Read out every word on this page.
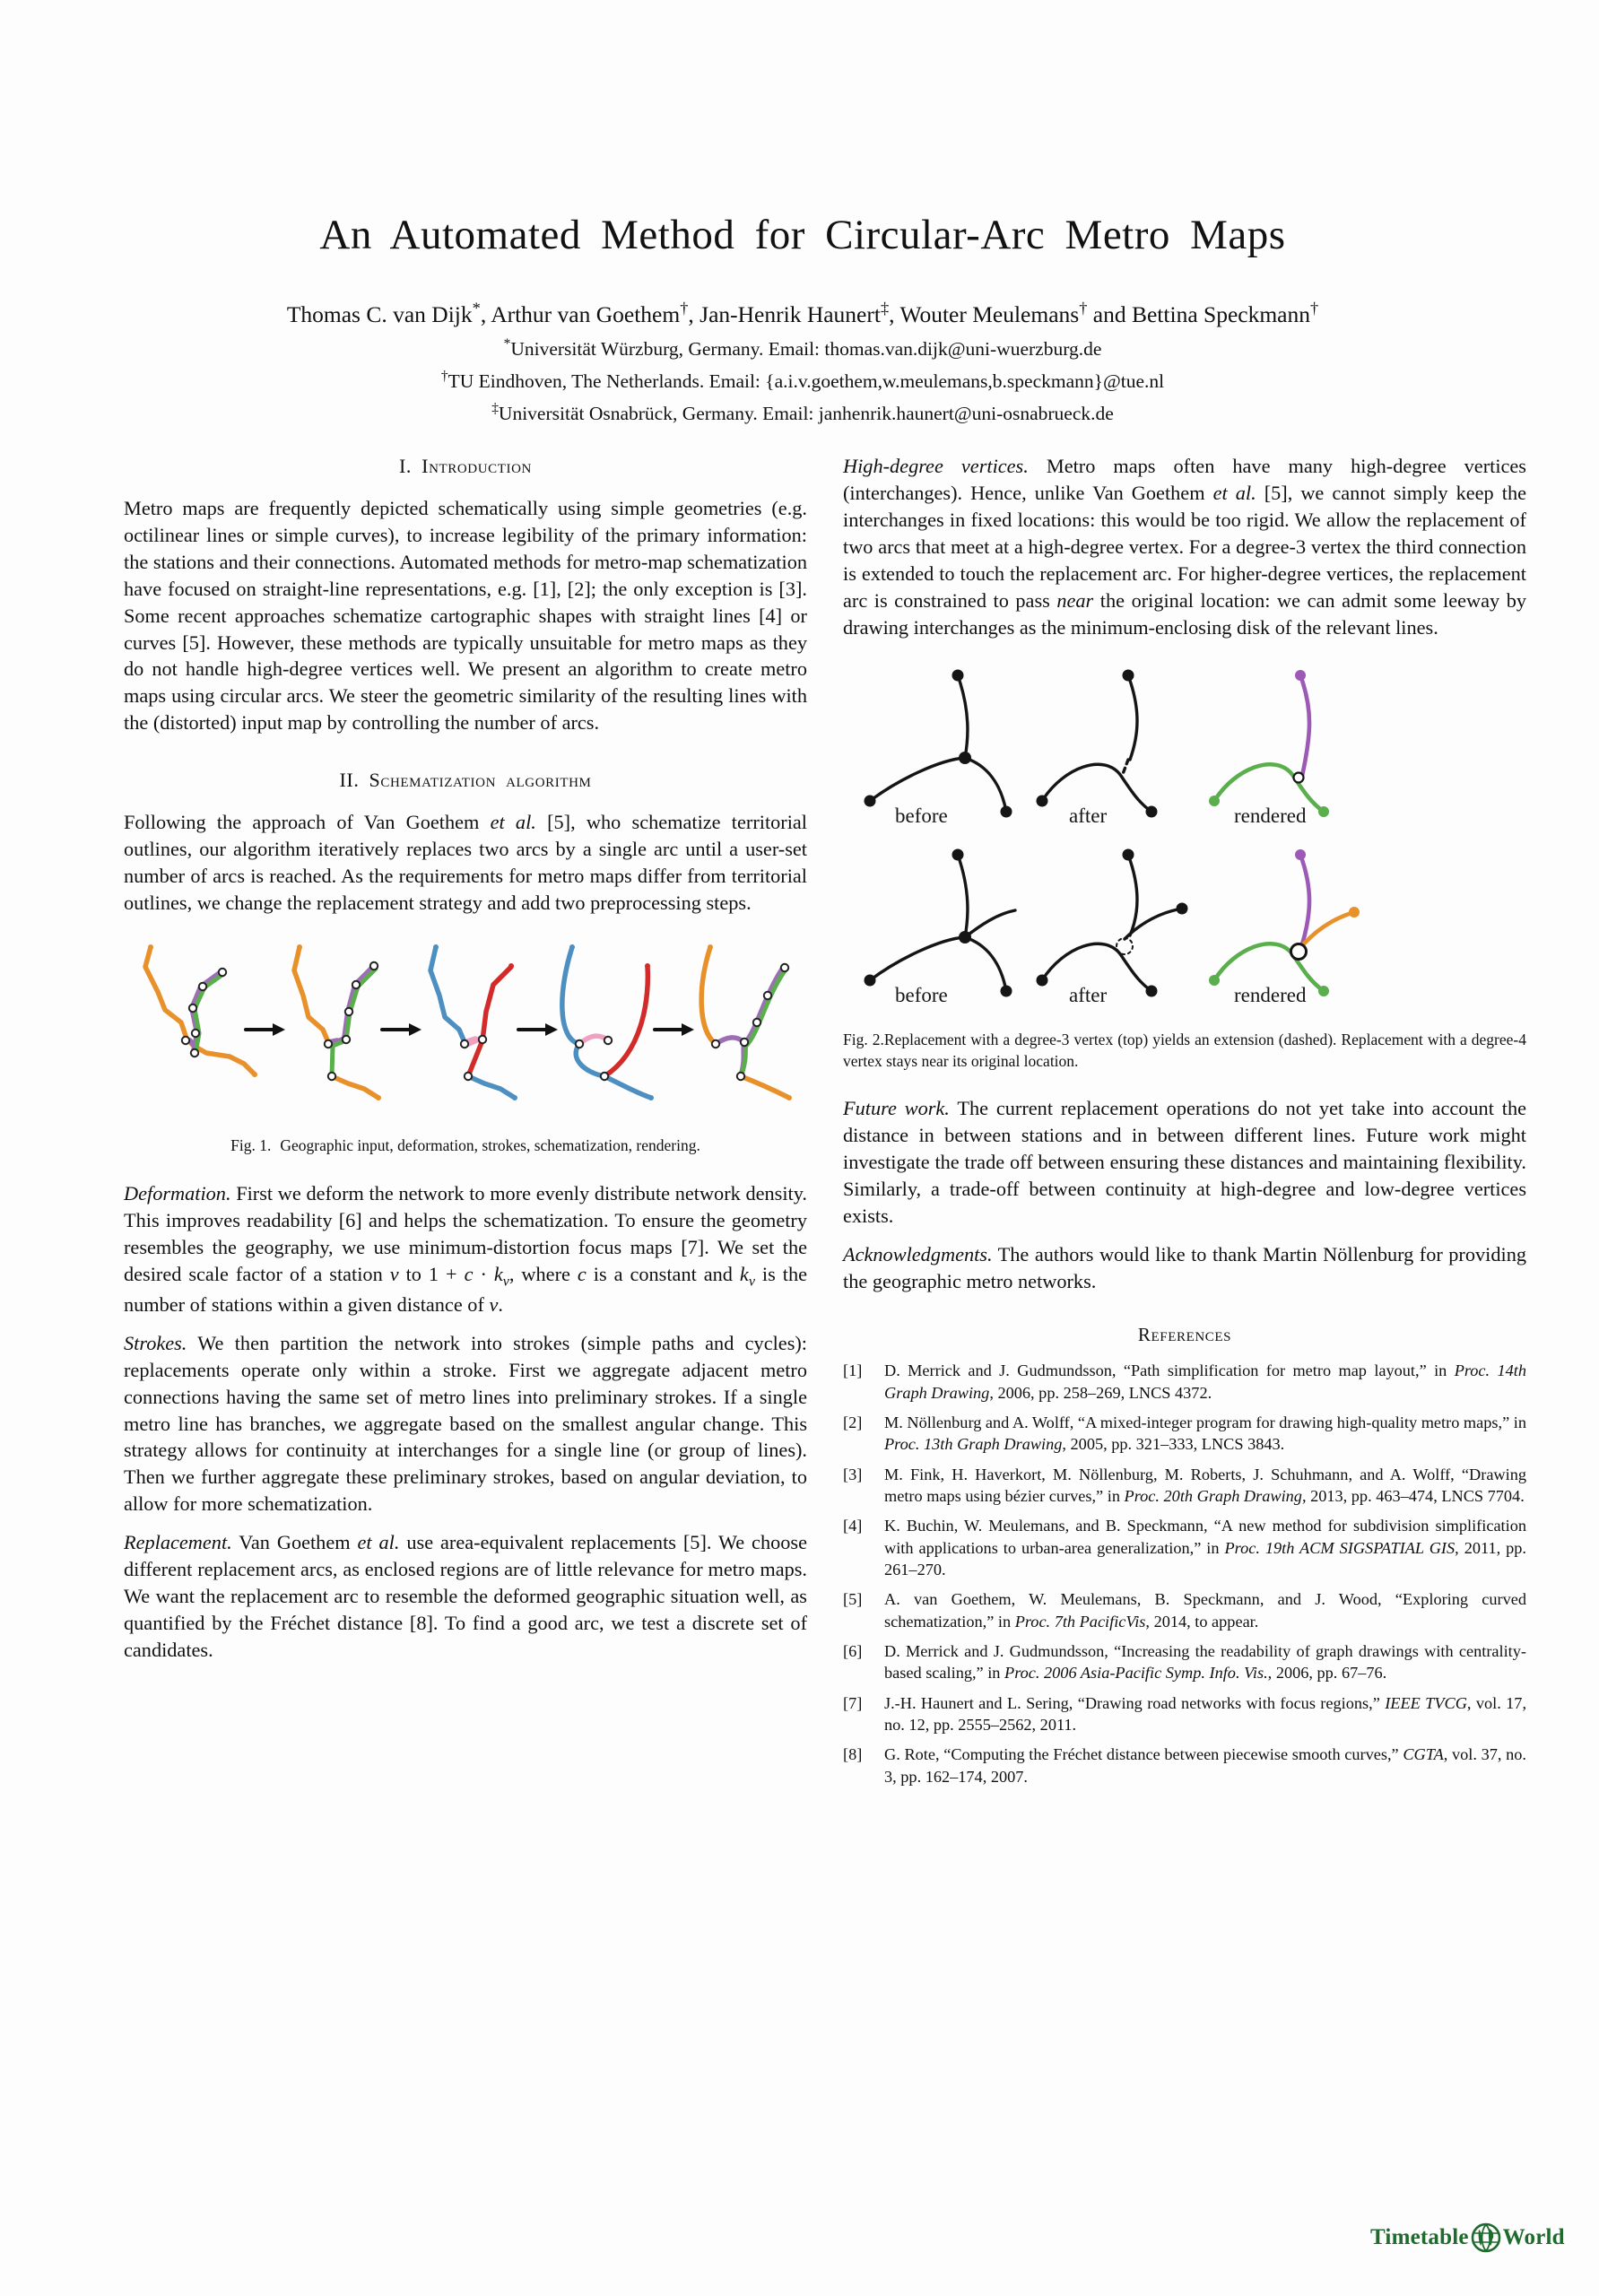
An Automated Method for Circular-Arc Metro Maps
Thomas C. van Dijk*, Arthur van Goethem†, Jan-Henrik Haunert‡, Wouter Meulemans† and Bettina Speckmann†
*Universität Würzburg, Germany. Email: thomas.van.dijk@uni-wuerzburg.de
†TU Eindhoven, The Netherlands. Email: {a.i.v.goethem,w.meulemans,b.speckmann}@tue.nl
‡Universität Osnabrück, Germany. Email: janhenrik.haunert@uni-osnabrueck.de
I. Introduction

Metro maps are frequently depicted schematically using simple geometries (e.g. octilinear lines or simple curves), to increase legibility of the primary information: the stations and their connections. Automated methods for metro-map schematization have focused on straight-line representations, e.g. [1], [2]; the only exception is [3]. Some recent approaches schematize cartographic shapes with straight lines [4] or curves [5]. However, these methods are typically unsuitable for metro maps as they do not handle high-degree vertices well. We present an algorithm to create metro maps using circular arcs. We steer the geometric similarity of the resulting lines with the (distorted) input map by controlling the number of arcs.

II. Schematization algorithm

Following the approach of Van Goethem et al. [5], who schematize territorial outlines, our algorithm iteratively replaces two arcs by a single arc until a user-set number of arcs is reached. As the requirements for metro maps differ from territorial outlines, we change the replacement strategy and add two preprocessing steps.

Fig. 1. Geographic input, deformation, strokes, schematization, rendering.

Deformation. First we deform the network to more evenly distribute network density. This improves readability [6] and helps the schematization. To ensure the geometry resembles the geography, we use minimum-distortion focus maps [7]. We set the desired scale factor of a station v to $1 + c \cdot k_v$, where c is a constant and $k_v$ is the number of stations within a given distance of v.

Strokes. We then partition the network into strokes (simple paths and cycles): replacements operate only within a stroke. First we aggregate adjacent metro connections having the same set of metro lines into preliminary strokes. If a single metro line has branches, we aggregate based on the smallest angular change. This strategy allows for continuity at interchanges for a single line (or group of lines). Then we further aggregate these preliminary strokes, based on angular deviation, to allow for more schematization.

Replacement. Van Goethem et al. use area-equivalent replacements [5]. We choose different replacement arcs, as enclosed regions are of little relevance for metro maps. We want the replacement arc to resemble the deformed geographic situation well, as quantified by the Fréchet distance [8]. To find a good arc, we test a discrete set of candidates.

High-degree vertices. Metro maps often have many high-degree vertices (interchanges). Hence, unlike Van Goethem et al. [5], we cannot simply keep the interchanges in fixed locations: this would be too rigid. We allow the replacement of two arcs that meet at a high-degree vertex. For a degree-3 vertex the third connection is extended to touch the replacement arc. For higher-degree vertices, the replacement arc is constrained to pass near the original location: we can admit some leeway by drawing interchanges as the minimum-enclosing disk of the relevant lines.

before	after	rendered
before	after	rendered
Fig. 2.Replacement with a degree-3 vertex (top) yields an extension (dashed). Replacement with a degree-4 vertex stays near its original location.

Future work. The current replacement operations do not yet take into account the distance in between stations and in between different lines. Future work might investigate the trade off between ensuring these distances and maintaining flexibility. Similarly, a trade-off between continuity at high-degree and low-degree vertices exists.

Acknowledgments. The authors would like to thank Martin Nöllenburg for providing the geographic metro networks.

References
[1]	D. Merrick and J. Gudmundsson, “Path simplification for metro map layout,” in Proc. 14th Graph Drawing, 2006, pp. 258–269, LNCS 4372.
[2]	M. Nöllenburg and A. Wolff, “A mixed-integer program for drawing high-quality metro maps,” in Proc. 13th Graph Drawing, 2005, pp. 321–333, LNCS 3843.
[3]	M. Fink, H. Haverkort, M. Nöllenburg, M. Roberts, J. Schuhmann, and A. Wolff, “Drawing metro maps using bézier curves,” in Proc. 20th Graph Drawing, 2013, pp. 463–474, LNCS 7704.
[4]	K. Buchin, W. Meulemans, and B. Speckmann, “A new method for subdivision simplification with applications to urban-area generalization,” in Proc. 19th ACM SIGSPATIAL GIS, 2011, pp. 261–270.
[5]	A. van Goethem, W. Meulemans, B. Speckmann, and J. Wood, “Exploring curved schematization,” in Proc. 7th PacificVis, 2014, to appear.
[6]	D. Merrick and J. Gudmundsson, “Increasing the readability of graph drawings with centrality-based scaling,” in Proc. 2006 Asia-Pacific Symp. Info. Vis., 2006, pp. 67–76.
[7]	J.-H. Haunert and L. Sering, “Drawing road networks with focus regions,” IEEE TVCG, vol. 17, no. 12, pp. 2555–2562, 2011.
[8]	G. Rote, “Computing the Fréchet distance between piecewise smooth curves,” CGTA, vol. 37, no. 3, pp. 162–174, 2007.
Timetable World
